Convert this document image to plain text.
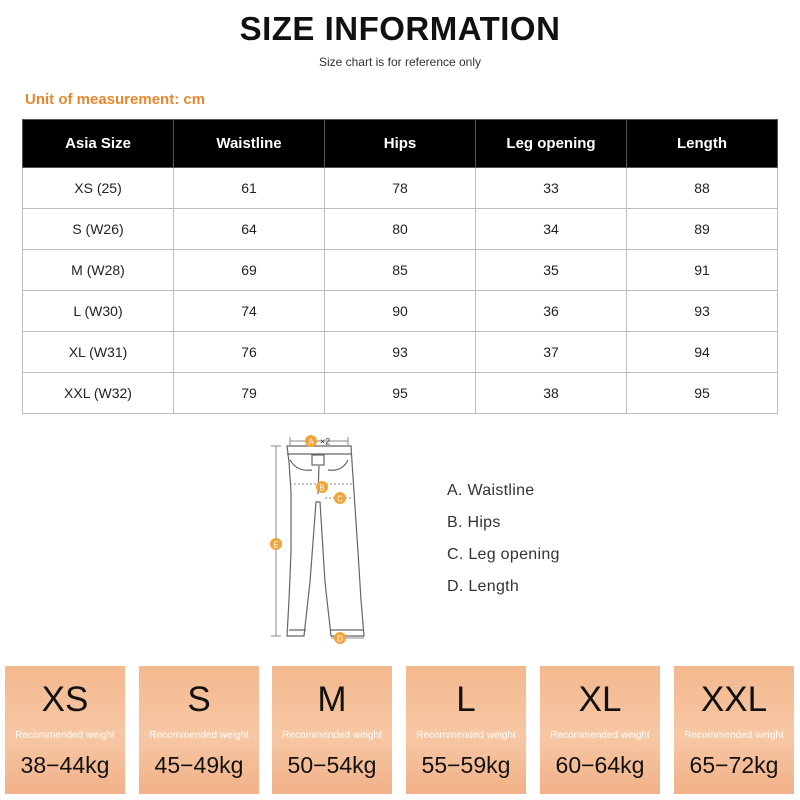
SIZE INFORMATION
Size chart is for reference only
Unit of measurement: cm
Asia Size	Waistline	Hips	Leg opening	Length
XS (25)	61	78	33	88
S (W26)	64	80	34	89
M (W28)	69	85	35	91
L (W30)	74	90	36	93
XL (W31)	76	93	37	94
XXL (W32)	79	95	38	95
A ×2
B
C
E
D
A. Waistline
B. Hips
C. Leg opening
D. Length
XS
Recommended weight
38−44kg
S
Recommended weight
45−49kg
M
Recommended weight
50−54kg
L
Recommended weight
55−59kg
XL
Recommended weight
60−64kg
XXL
Recommended weight
65−72kg
